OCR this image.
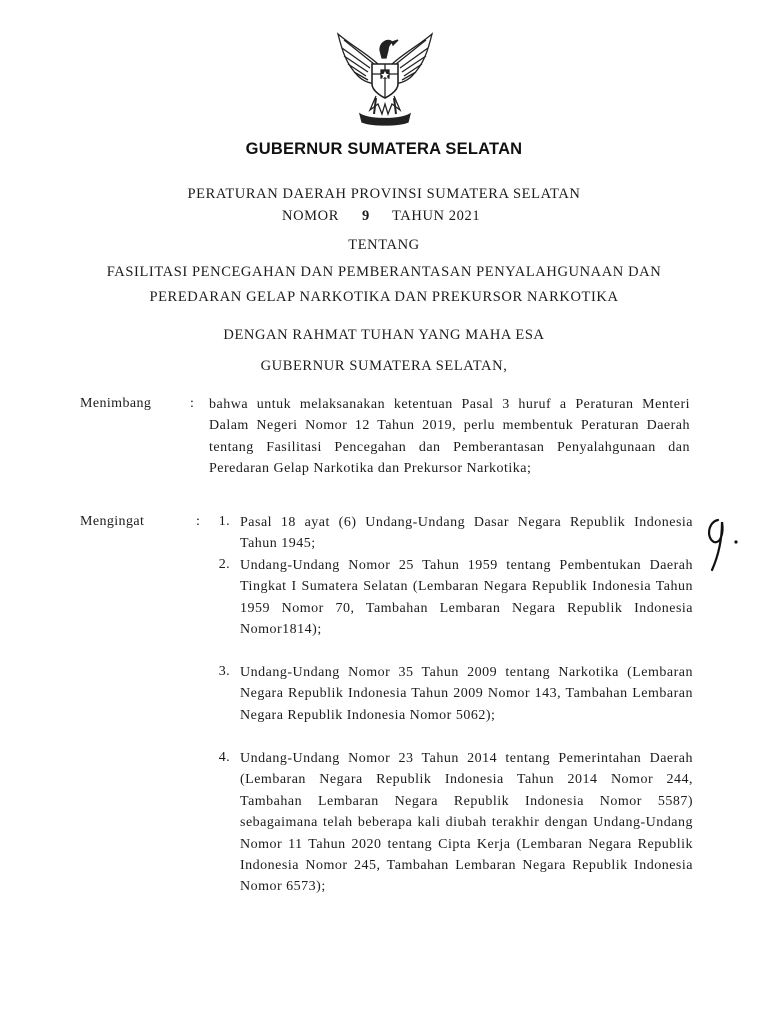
GUBERNUR SUMATERA SELATAN
PERATURAN DAERAH PROVINSI SUMATERA SELATAN
NOMOR 9 TAHUN 2021
TENTANG
FASILITASI PENCEGAHAN DAN PEMBERANTASAN PENYALAHGUNAAN DAN
PEREDARAN GELAP NARKOTIKA DAN PREKURSOR NARKOTIKA
DENGAN RAHMAT TUHAN YANG MAHA ESA
GUBERNUR SUMATERA SELATAN,
Menimbang	: bahwa untuk melaksanakan ketentuan Pasal 3 huruf a Peraturan Menteri Dalam Negeri Nomor 12 Tahun 2019, perlu membentuk Peraturan Daerah tentang Fasilitasi Pencegahan dan Pemberantasan Penyalahgunaan dan Peredaran Gelap Narkotika dan Prekursor Narkotika;

Mengingat	:	1. Pasal 18 ayat (6) Undang-Undang Dasar Negara Republik Indonesia Tahun 1945;

2. Undang-Undang Nomor 25 Tahun 1959 tentang Pembentukan Daerah Tingkat I Sumatera Selatan (Lembaran Negara Republik Indonesia Tahun 1959 Nomor 70, Tambahan Lembaran Negara Republik Indonesia Nomor1814);

3. Undang-Undang Nomor 35 Tahun 2009 tentang Narkotika (Lembaran Negara Republik Indonesia Tahun 2009 Nomor 143, Tambahan Lembaran Negara Republik Indonesia Nomor 5062);

4. Undang-Undang Nomor 23 Tahun 2014 tentang Pemerintahan Daerah (Lembaran Negara Republik Indonesia Tahun 2014 Nomor 244, Tambahan Lembaran Negara Republik Indonesia Nomor 5587) sebagaimana telah beberapa kali diubah terakhir dengan Undang-Undang Nomor 11 Tahun 2020 tentang Cipta Kerja (Lembaran Negara Republik Indonesia Nomor 245, Tambahan Lembaran Negara Republik Indonesia Nomor 6573);
